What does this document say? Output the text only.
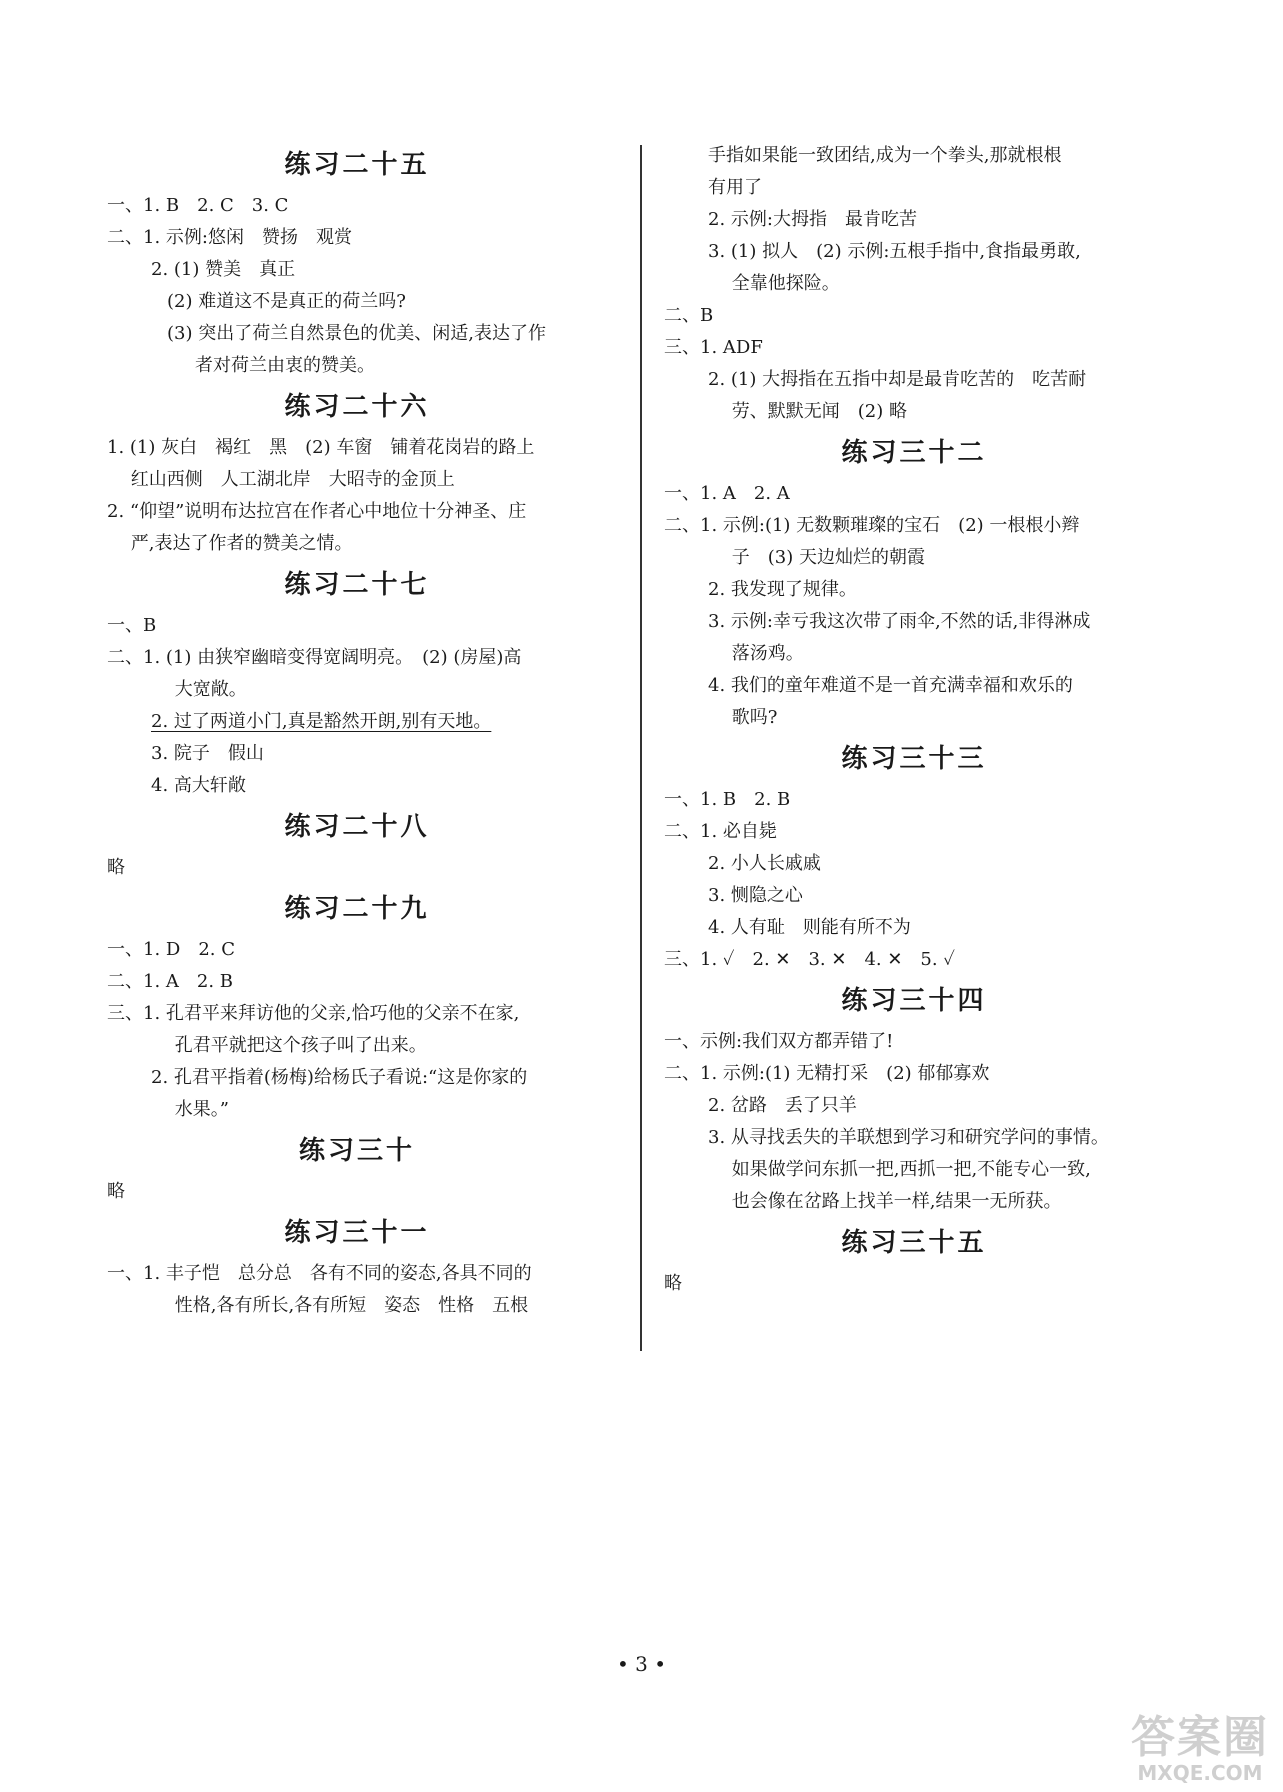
练习二十五
一、1. B　2. C　3. C
二、1. 示例:悠闲　赞扬　观赏
2. (1) 赞美　真正
(2) 难道这不是真正的荷兰吗?
(3) 突出了荷兰自然景色的优美、闲适,表达了作
者对荷兰由衷的赞美。
练习二十六
1. (1) 灰白　褐红　黑　(2) 车窗　铺着花岗岩的路上
　 红山西侧　人工湖北岸　大昭寺的金顶上
2. “仰望”说明布达拉宫在作者心中地位十分神圣、庄
　 严,表达了作者的赞美之情。
练习二十七
一、B
二、1. (1) 由狭窄幽暗变得宽阔明亮。　(2) (房屋)高
　 大宽敞。
2. 过了两道小门,真是豁然开朗,别有天地。
3. 院子　假山
4. 高大轩敞
练习二十八
略
练习二十九
一、1. D　2. C
二、1. A　2. B
三、1. 孔君平来拜访他的父亲,恰巧他的父亲不在家,
　 孔君平就把这个孩子叫了出来。
2. 孔君平指着(杨梅)给杨氏子看说:“这是你家的
　 水果。”
练习三十
略
练习三十一
一、1. 丰子恺　总分总　各有不同的姿态,各具不同的
　 性格,各有所长,各有所短　姿态　性格　五根
手指如果能一致团结,成为一个拳头,那就根根
有用了
2. 示例:大拇指　最肯吃苦
3. (1) 拟人　(2) 示例:五根手指中,食指最勇敢,
　 全靠他探险。
二、B
三、1. ADF
2. (1) 大拇指在五指中却是最肯吃苦的　吃苦耐
　 劳、默默无闻　(2) 略
练习三十二
一、1. A　2. A
二、1. 示例:(1) 无数颗璀璨的宝石　(2) 一根根小辫
　 子　(3) 天边灿烂的朝霞
2. 我发现了规律。
3. 示例:幸亏我这次带了雨伞,不然的话,非得淋成
　 落汤鸡。
4. 我们的童年难道不是一首充满幸福和欢乐的
　 歌吗?
练习三十三
一、1. B　2. B
二、1. 必自毙
2. 小人长戚戚
3. 恻隐之心
4. 人有耻　则能有所不为
三、1. ✓　2. ✕　3. ✕　4. ✕　5. ✓
练习三十四
一、示例:我们双方都弄错了!
二、1. 示例:(1) 无精打采　(2) 郁郁寡欢
2. 岔路　丢了只羊
3. 从寻找丢失的羊联想到学习和研究学问的事情。
　 如果做学问东抓一把,西抓一把,不能专心一致,
　 也会像在岔路上找羊一样,结果一无所获。
练习三十五
略
• 3 •
答案圈
MXQE.COM
